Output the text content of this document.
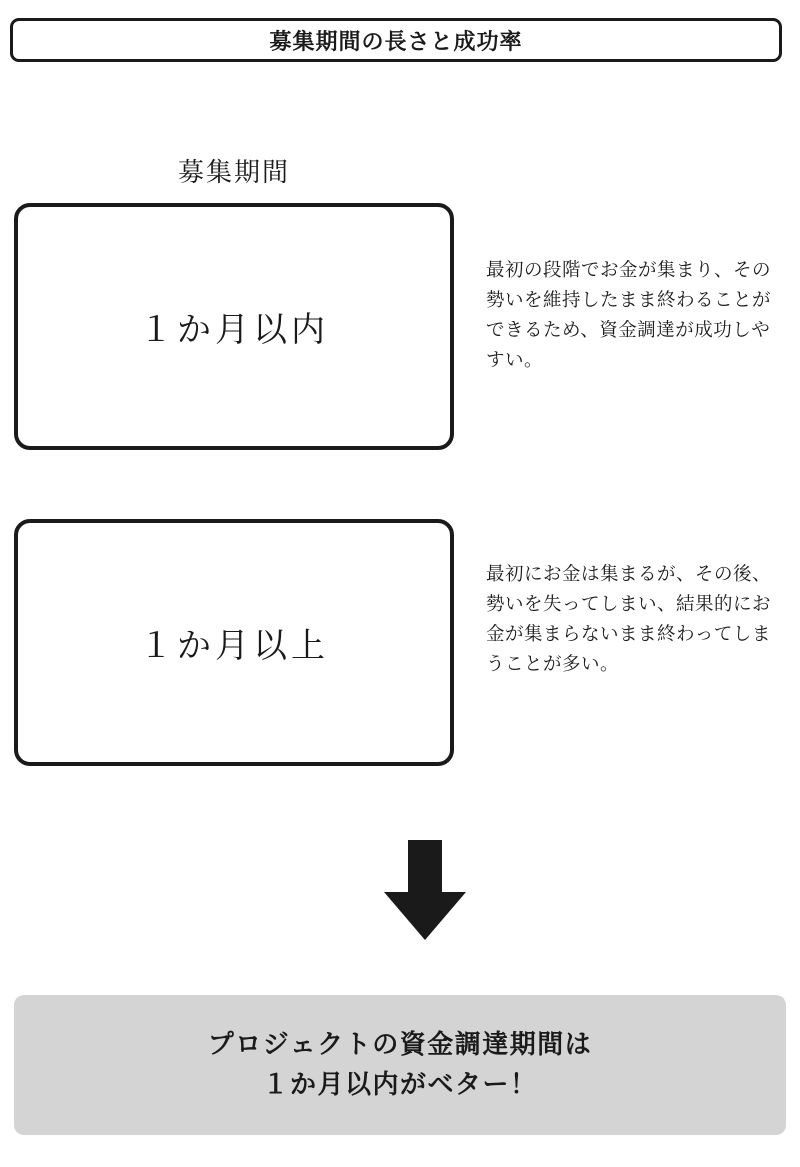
募集期間の長さと成功率
募集期間
１か月以内
最初の段階でお金が集まり、その勢いを維持したまま終わることができるため、資金調達が成功しやすい。
１か月以上
最初にお金は集まるが、その後、勢いを失ってしまい、結果的にお金が集まらないまま終わってしまうことが多い。
プロジェクトの資金調達期間は
１か月以内がベター！
